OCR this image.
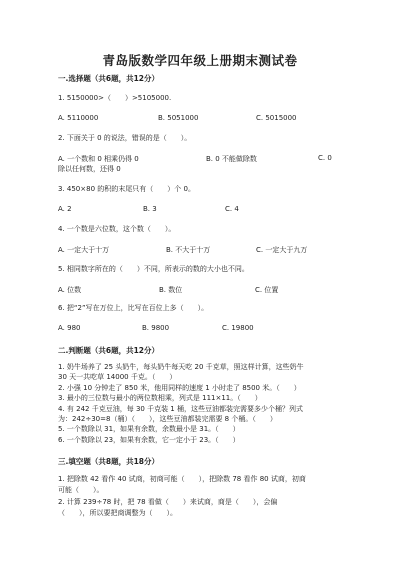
青岛版数学四年级上册期末测试卷
一.选择题（共6题，共12分）
1. 5150000>（　　）>5105000.
A. 5110000	B. 5051000	C. 5015000
2. 下面关于 0 的说法，错误的是（　　）。
A. 一个数和 0 相乘仍得 0	B. 0 不能做除数	C. 0
除以任何数，还得 0
3. 450×80 的积的末尾只有（　　）个 0。
A. 2	B. 3	C. 4
4. 一个数是六位数，这个数（　　）。
A. 一定大于十万	B. 不大于十万	C. 一定大于九万
5. 相同数字所在的（　　）不同，所表示的数的大小也不同。
A. 位数	B. 数位	C. 位置
6. 把“2”写在万位上，比写在百位上多（　　）。
A. 980	B. 9800	C. 19800
二.判断题（共6题，共12分）
1. 奶牛场养了 25 头奶牛，每头奶牛每天吃 20 千克草，照这样计算，这些奶牛
30 天一共吃草 14000 千克。（　　）
2. 小强 10 分钟走了 850 米，他用同样的速度 1 小时走了 8500 米。（　　）
3. 最小的三位数与最小的两位数相乘，列式是 111×11。（　　）
4. 有 242 千克豆油，每 30 千克装 1 桶，这些豆油都装完需要多少个桶？列式
为：242÷30=8（桶）（　　），这些豆油都装完需要 8 个桶。（　　）
5. 一个数除以 31，如果有余数，余数最小是 31。（　　）
6. 一个数除以 23，如果有余数，它一定小于 23。（　　）
三.填空题（共8题，共18分）
1. 把除数 42 看作 40 试商，初商可能（　　），把除数 78 看作 80 试商，初商
可能（　　）。
2. 计算 239÷78 时，把 78 看做（　　）来试商，商是（　　），会偏
（　　），所以要把商调整为（　　）。
